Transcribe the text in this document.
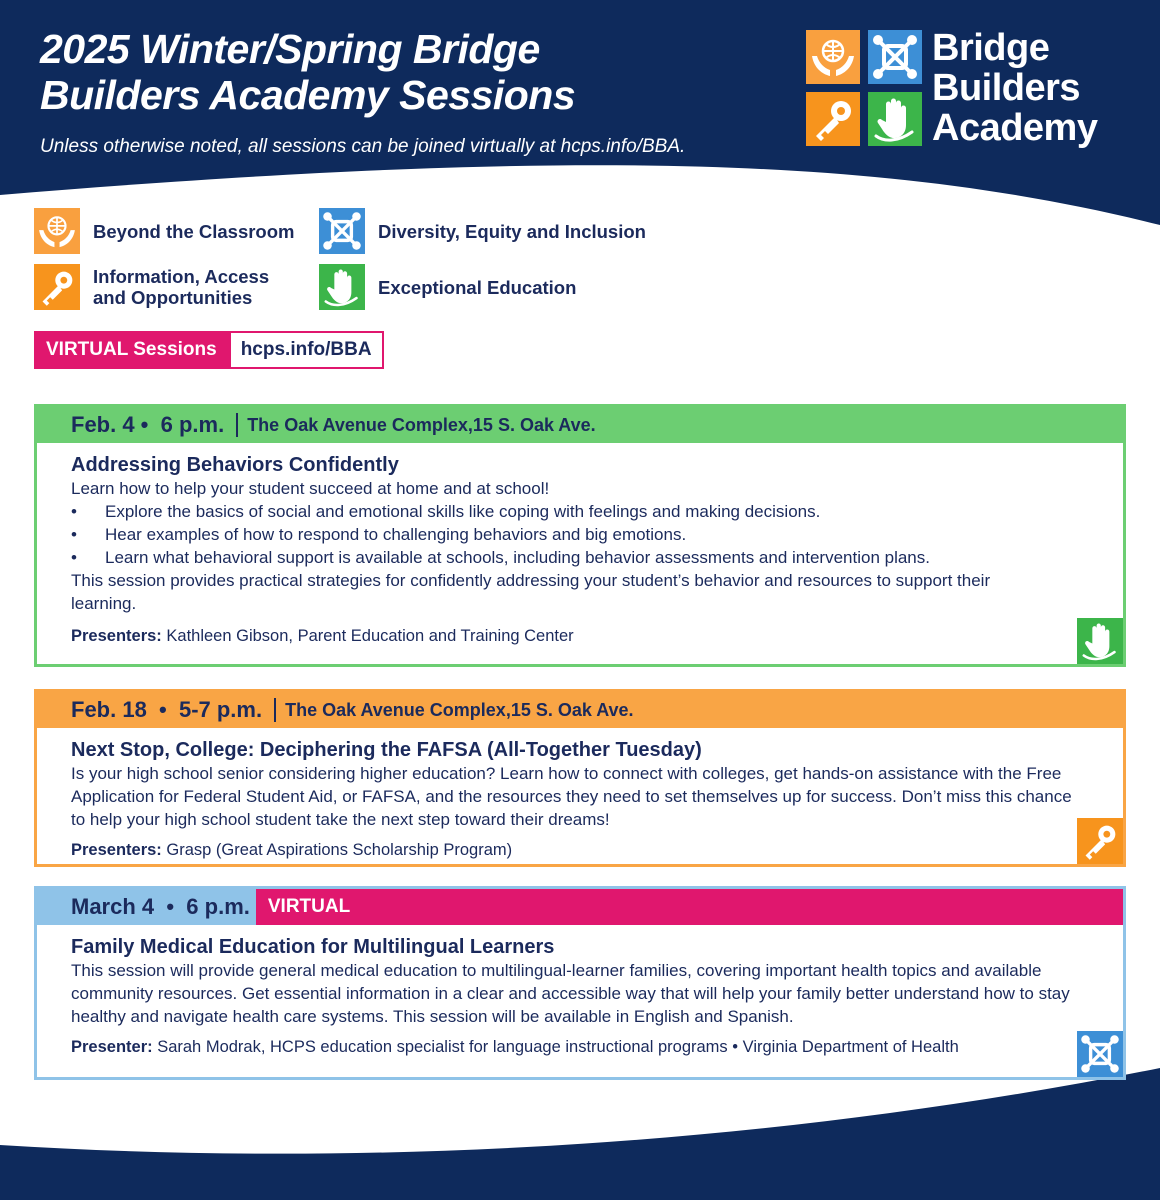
2025 Winter/Spring Bridge
Builders Academy Sessions
Unless otherwise noted, all sessions can be joined virtually at hcps.info/BBA.
Bridge
Builders
Academy
Beyond the Classroom	Diversity, Equity and Inclusion
Information, Access
and Opportunities	Exceptional Education
VIRTUAL Sessions	hcps.info/BBA
Feb. 4 •  6 p.m. The Oak Avenue Complex,15 S. Oak Ave.

Addressing Behaviors Confidently

Learn how to help your student succeed at home and at school!

• Explore the basics of social and emotional skills like coping with feelings and making decisions.
• Hear examples of how to respond to challenging behaviors and big emotions.
• Learn what behavioral support is available at schools, including behavior assessments and intervention plans.

This session provides practical strategies for confidently addressing your student’s behavior and resources to support their learning.

Presenters: Kathleen Gibson, Parent Education and Training Center
Feb. 18  •  5-7 p.m. The Oak Avenue Complex,15 S. Oak Ave.

Next Stop, College: Deciphering the FAFSA (All-Together Tuesday)

Is your high school senior considering higher education? Learn how to connect with colleges, get hands-on assistance with the Free Application for Federal Student Aid, or FAFSA, and the resources they need to set themselves up for success. Don’t miss this chance to help your high school student take the next step toward their dreams!

Presenters: Grasp (Great Aspirations Scholarship Program)
March 4  •  6 p.m. VIRTUAL

Family Medical Education for Multilingual Learners

This session will provide general medical education to multilingual-learner families, covering important health topics and available community resources. Get essential information in a clear and accessible way that will help your family better understand how to stay healthy and navigate health care systems. This session will be available in English and Spanish.

Presenter: Sarah Modrak, HCPS education specialist for language instructional programs • Virginia Department of Health
